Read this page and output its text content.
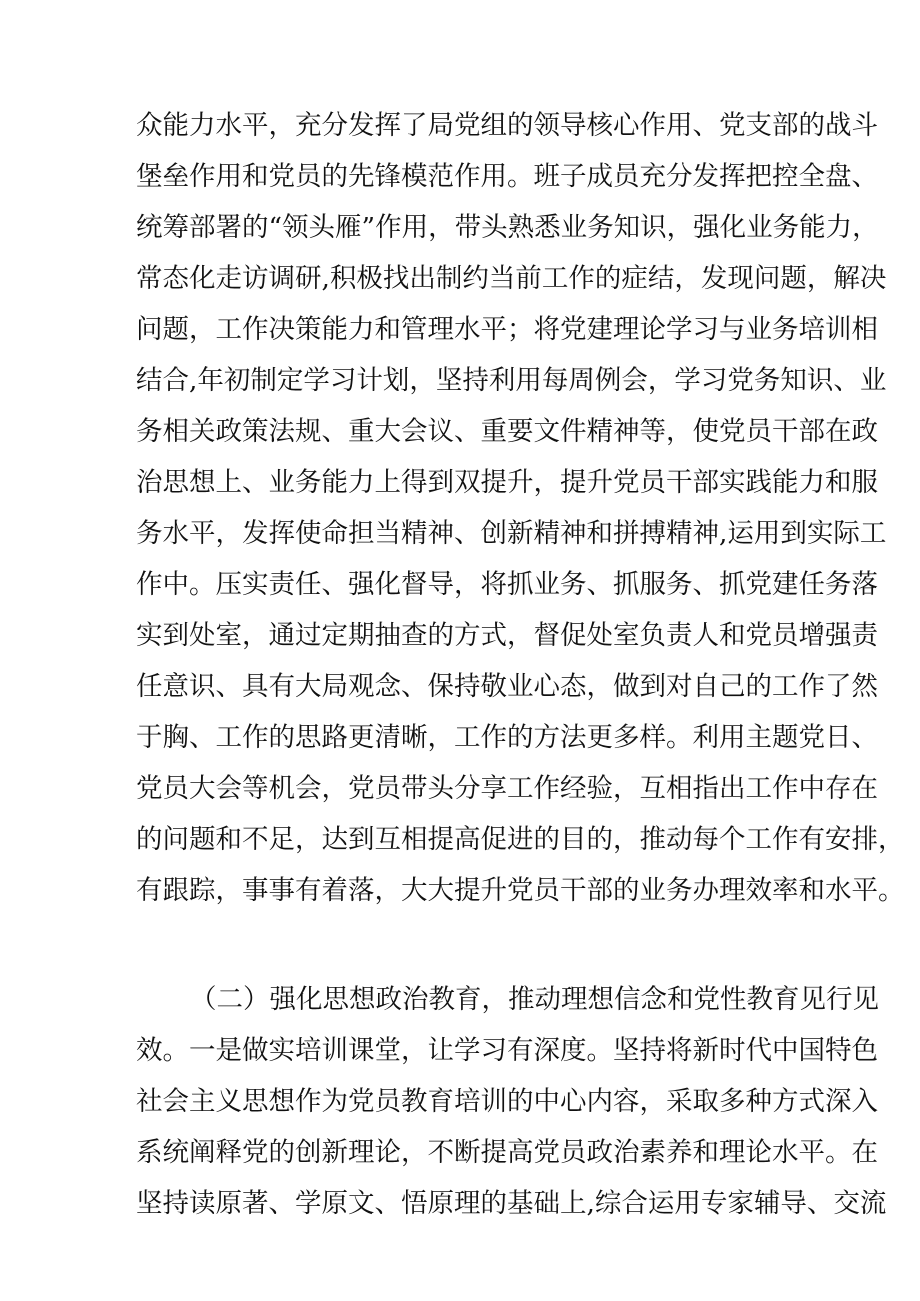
众能力水平，充分发挥了局党组的领导核心作用、党支部的战斗
堡垒作用和党员的先锋模范作用。班子成员充分发挥把控全盘、
统筹部署的“领头雁”作用，带头熟悉业务知识，强化业务能力，
常态化走访调研,积极找出制约当前工作的症结，发现问题，解决
问题，工作决策能力和管理水平；将党建理论学习与业务培训相
结合,年初制定学习计划，坚持利用每周例会，学习党务知识、业
务相关政策法规、重大会议、重要文件精神等，使党员干部在政
治思想上、业务能力上得到双提升，提升党员干部实践能力和服
务水平，发挥使命担当精神、创新精神和拼搏精神,运用到实际工
作中。压实责任、强化督导，将抓业务、抓服务、抓党建任务落
实到处室，通过定期抽查的方式，督促处室负责人和党员增强责
任意识、具有大局观念、保持敬业心态，做到对自己的工作了然
于胸、工作的思路更清晰，工作的方法更多样。利用主题党日、
党员大会等机会，党员带头分享工作经验，互相指出工作中存在
的问题和不足，达到互相提高促进的目的，推动每个工作有安排，
有跟踪，事事有着落，大大提升党员干部的业务办理效率和水平。
（二）强化思想政治教育，推动理想信念和党性教育见行见
效。一是做实培训课堂，让学习有深度。坚持将新时代中国特色
社会主义思想作为党员教育培训的中心内容，采取多种方式深入
系统阐释党的创新理论，不断提高党员政治素养和理论水平。在
坚持读原著、学原文、悟原理的基础上,综合运用专家辅导、交流
